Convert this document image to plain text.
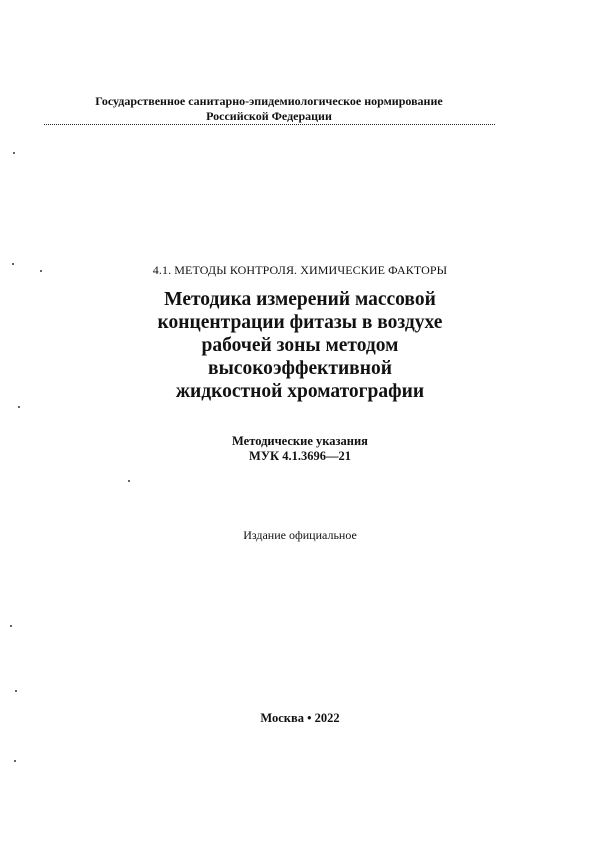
Государственное санитарно-эпидемиологическое нормирование
Российской Федерации
4.1. МЕТОДЫ КОНТРОЛЯ. ХИМИЧЕСКИЕ ФАКТОРЫ
Методика измерений массовой
концентрации фитазы в воздухе
рабочей зоны методом
высокоэффективной
жидкостной хроматографии
Методические указания
МУК 4.1.3696—21
Издание официальное
Москва • 2022
